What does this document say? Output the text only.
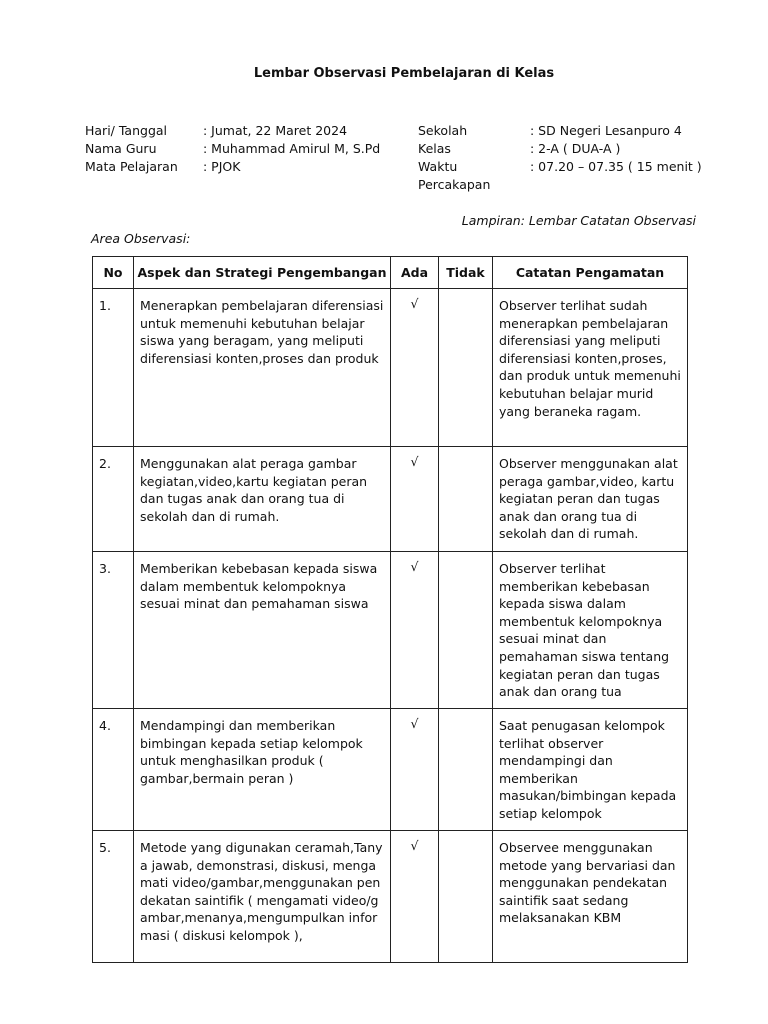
Lembar Observasi Pembelajaran di Kelas
Hari/ Tanggal	: Jumat, 22 Maret 2024
Nama Guru	: Muhammad Amirul M, S.Pd
Mata Pelajaran	: PJOK
Sekolah	: SD Negeri Lesanpuro 4
Kelas	: 2-A ( DUA-A )
Waktu Percakapan
: 07.20 – 07.35 ( 15 menit )
Lampiran: Lembar Catatan Observasi
Area Observasi:
No	Aspek dan Strategi Pengembangan	Ada	Tidak	Catatan Pengamatan
1.	Menerapkan pembelajaran diferensiasi untuk memenuhi kebutuhan belajar siswa yang beragam, yang meliputi diferensiasi konten,proses dan produk	√		Observer terlihat sudah menerapkan pembelajaran diferensiasi yang meliputi diferensiasi konten,proses, dan produk untuk memenuhi kebutuhan belajar murid yang beraneka ragam.
2.	Menggunakan alat peraga gambar kegiatan,video,kartu kegiatan peran dan tugas anak dan orang tua di sekolah dan di rumah.	√		Observer menggunakan alat peraga gambar,video, kartu kegiatan peran dan tugas anak dan orang tua di sekolah dan di rumah.
3.	Memberikan kebebasan kepada siswa dalam membentuk kelompoknya sesuai minat dan pemahaman siswa	√		Observer terlihat memberikan kebebasan kepada siswa dalam membentuk kelompoknya sesuai minat dan pemahaman siswa tentang kegiatan peran dan tugas anak dan orang tua
4.	Mendampingi dan memberikan bimbingan kepada setiap kelompok untuk menghasilkan produk ( gambar,bermain peran )	√		Saat penugasan kelompok terlihat observer mendampingi dan memberikan masukan/bimbingan kepada setiap kelompok
5.	Metode yang digunakan ceramah,Tanya jawab, demonstrasi, diskusi, mengamati video/gambar,menggunakan pendekatan saintifik ( mengamati video/gambar,menanya,mengumpulkan informasi ( diskusi kelompok ),	√		Observee menggunakan metode yang bervariasi dan menggunakan pendekatan saintifik saat sedang melaksanakan KBM
